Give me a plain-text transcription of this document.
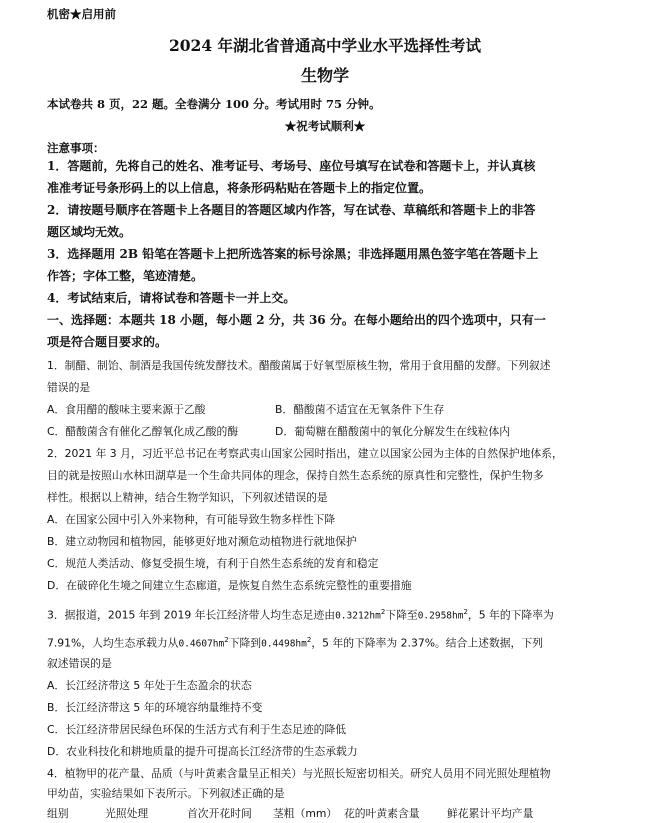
机密★启用前
2024 年湖北省普通高中学业水平选择性考试
生物学
本试卷共 8 页，22 题。全卷满分 100 分。考试用时 75 分钟。
★祝考试顺利★
注意事项：
1．答题前，先将自己的姓名、准考证号、考场号、座位号填写在试卷和答题卡上，并认真核
准准考证号条形码上的以上信息，将条形码粘贴在答题卡上的指定位置。
2．请按题号顺序在答题卡上各题目的答题区域内作答，写在试卷、草稿纸和答题卡上的非答
题区域均无效。
3．选择题用 2B 铅笔在答题卡上把所选答案的标号涂黑；非选择题用黑色签字笔在答题卡上
作答；字体工整，笔迹清楚。
4．考试结束后，请将试卷和答题卡一并上交。
一、选择题：本题共 18 小题，每小题 2 分，共 36 分。在每小题给出的四个选项中，只有一
项是符合题目要求的。
1．制醋、制饴、制酒是我国传统发酵技术。醋酸菌属于好氧型原核生物，常用于食用醋的发酵。下列叙述
错误的是
A．食用醋的酸味主要来源于乙酸	B．醋酸菌不适宜在无氧条件下生存
C．醋酸菌含有催化乙醇氧化成乙酸的酶	D．葡萄糖在醋酸菌中的氧化分解发生在线粒体内
2．2021 年 3 月，习近平总书记在考察武夷山国家公园时指出，建立以国家公园为主体的自然保护地体系，
目的就是按照山水林田湖草是一个生命共同体的理念，保持自然生态系统的原真性和完整性，保护生物多
样性。根据以上精神，结合生物学知识，下列叙述错误的是
A．在国家公园中引入外来物种，有可能导致生物多样性下降
B．建立动物园和植物园，能够更好地对濒危动植物进行就地保护
C．规范人类活动、修复受损生境，有利于自然生态系统的发育和稳定
D．在破碎化生境之间建立生态廊道，是恢复自然生态系统完整性的重要措施
3．据报道，2015 年到 2019 年长江经济带人均生态足迹由$0.3212hm^2$下降至$0.2958hm^2$，5 年的下降率为
7.91%，人均生态承载力从$0.4607hm^2$下降到$0.4498hm^2$，5 年的下降率为 2.37%。结合上述数据，下列
叙述错误的是
A．长江经济带这 5 年处于生态盈余的状态
B．长江经济带这 5 年的环境容纳量维持不变
C．长江经济带居民绿色环保的生活方式有利于生态足迹的降低
D．农业科技化和耕地质量的提升可提高长江经济带的生态承载力
4．植物甲的花产量、品质（与叶黄素含量呈正相关）与光照长短密切相关。研究人员用不同光照处理植物
甲幼苗，实验结果如下表所示。下列叙述正确的是
组别	光照处理	首次开花时间 茎粗（mm） 花的叶黄素含量	鲜花累计平均产量
